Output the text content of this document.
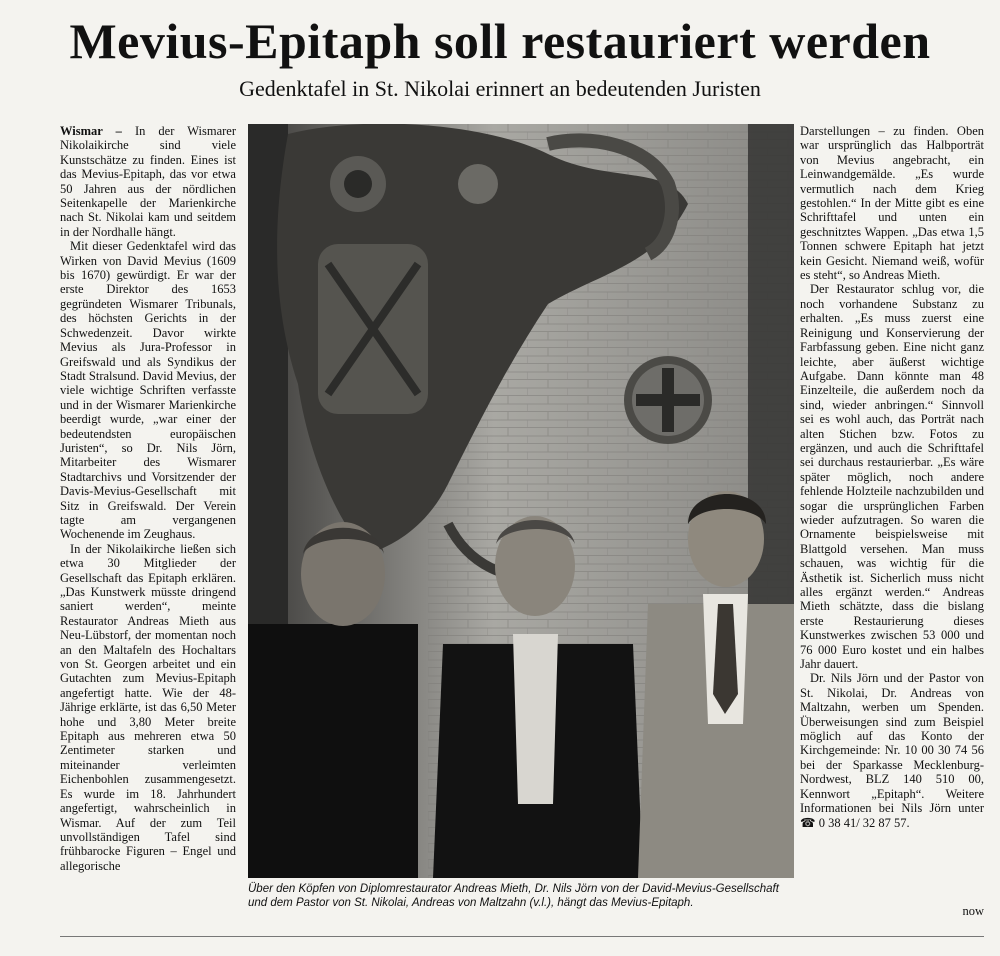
Mevius-Epitaph soll restauriert werden
Gedenktafel in St. Nikolai erinnert an bedeutenden Juristen

Wismar – In der Wismarer Nikolaikirche sind viele Kunstschätze zu finden. Eines ist das Mevius-Epitaph, das vor etwa 50 Jahren aus der nördlichen Seitenkapelle der Marienkirche nach St. Nikolai kam und seitdem in der Nordhalle hängt.

Mit dieser Gedenktafel wird das Wirken von David Mevius (1609 bis 1670) gewürdigt. Er war der erste Direktor des 1653 gegründeten Wismarer Tribunals, des höchsten Gerichts in der Schwedenzeit. Davor wirkte Mevius als Jura-Professor in Greifswald und als Syndikus der Stadt Stralsund. David Mevius, der viele wichtige Schriften verfasste und in der Wismarer Marienkirche beerdigt wurde, „war einer der bedeutendsten europäischen Juristen“, so Dr. Nils Jörn, Mitarbeiter des Wismarer Stadtarchivs und Vorsitzender der Davis-Mevius-Gesellschaft mit Sitz in Greifswald. Der Verein tagte am vergangenen Wochenende im Zeughaus.

In der Nikolaikirche ließen sich etwa 30 Mitglieder der Gesellschaft das Epitaph erklären. „Das Kunstwerk müsste dringend saniert werden“, meinte Restaurator Andreas Mieth aus Neu-Lübstorf, der momentan noch an den Maltafeln des Hochaltars von St. Georgen arbeitet und ein Gutachten zum Mevius-Epitaph angefertigt hatte. Wie der 48-Jährige erklärte, ist das 6,50 Meter hohe und 3,80 Meter breite Epitaph aus mehreren etwa 50 Zentimeter starken und miteinander verleimten Eichenbohlen zusammengesetzt. Es wurde im 18. Jahrhundert angefertigt, wahrscheinlich in Wismar. Auf der zum Teil unvollständigen Tafel sind frühbarocke Figuren – Engel und allegorische

Über den Köpfen von Diplomrestaurator Andreas Mieth, Dr. Nils Jörn von der David-Mevius-Gesellschaft und dem Pastor von St. Nikolai, Andreas von Maltzahn (v.l.), hängt das Mevius-Epitaph.

Darstellungen – zu finden. Oben war ursprünglich das Halbporträt von Mevius angebracht, ein Leinwandgemälde. „Es wurde vermutlich nach dem Krieg gestohlen.“ In der Mitte gibt es eine Schrifttafel und unten ein geschnitztes Wappen. „Das etwa 1,5 Tonnen schwere Epitaph hat jetzt kein Gesicht. Niemand weiß, wofür es steht“, so Andreas Mieth.

Der Restaurator schlug vor, die noch vorhandene Substanz zu erhalten. „Es muss zuerst eine Reinigung und Konservierung der Farbfassung geben. Eine nicht ganz leichte, aber äußerst wichtige Aufgabe. Dann könnte man 48 Einzelteile, die außerdem noch da sind, wieder anbringen.“ Sinnvoll sei es wohl auch, das Porträt nach alten Stichen bzw. Fotos zu ergänzen, und auch die Schrifttafel sei durchaus restaurierbar. „Es wäre später möglich, noch andere fehlende Holzteile nachzubilden und sogar die ursprünglichen Farben wieder aufzutragen. So waren die Ornamente beispielsweise mit Blattgold versehen. Man muss schauen, was wichtig für die Ästhetik ist. Sicherlich muss nicht alles ergänzt werden.“ Andreas Mieth schätzte, dass die bislang erste Restaurierung dieses Kunstwerkes zwischen 53 000 und 76 000 Euro kostet und ein halbes Jahr dauert.

Dr. Nils Jörn und der Pastor von St. Nikolai, Dr. Andreas von Maltzahn, werben um Spenden. Überweisungen sind zum Beispiel möglich auf das Konto der Kirchgemeinde: Nr. 10 00 30 74 56 bei der Sparkasse Mecklenburg-Nordwest, BLZ 140 510 00, Kennwort „Epitaph“. Weitere Informationen bei Nils Jörn unter ☎ 0 38 41/ 32 87 57.

now
